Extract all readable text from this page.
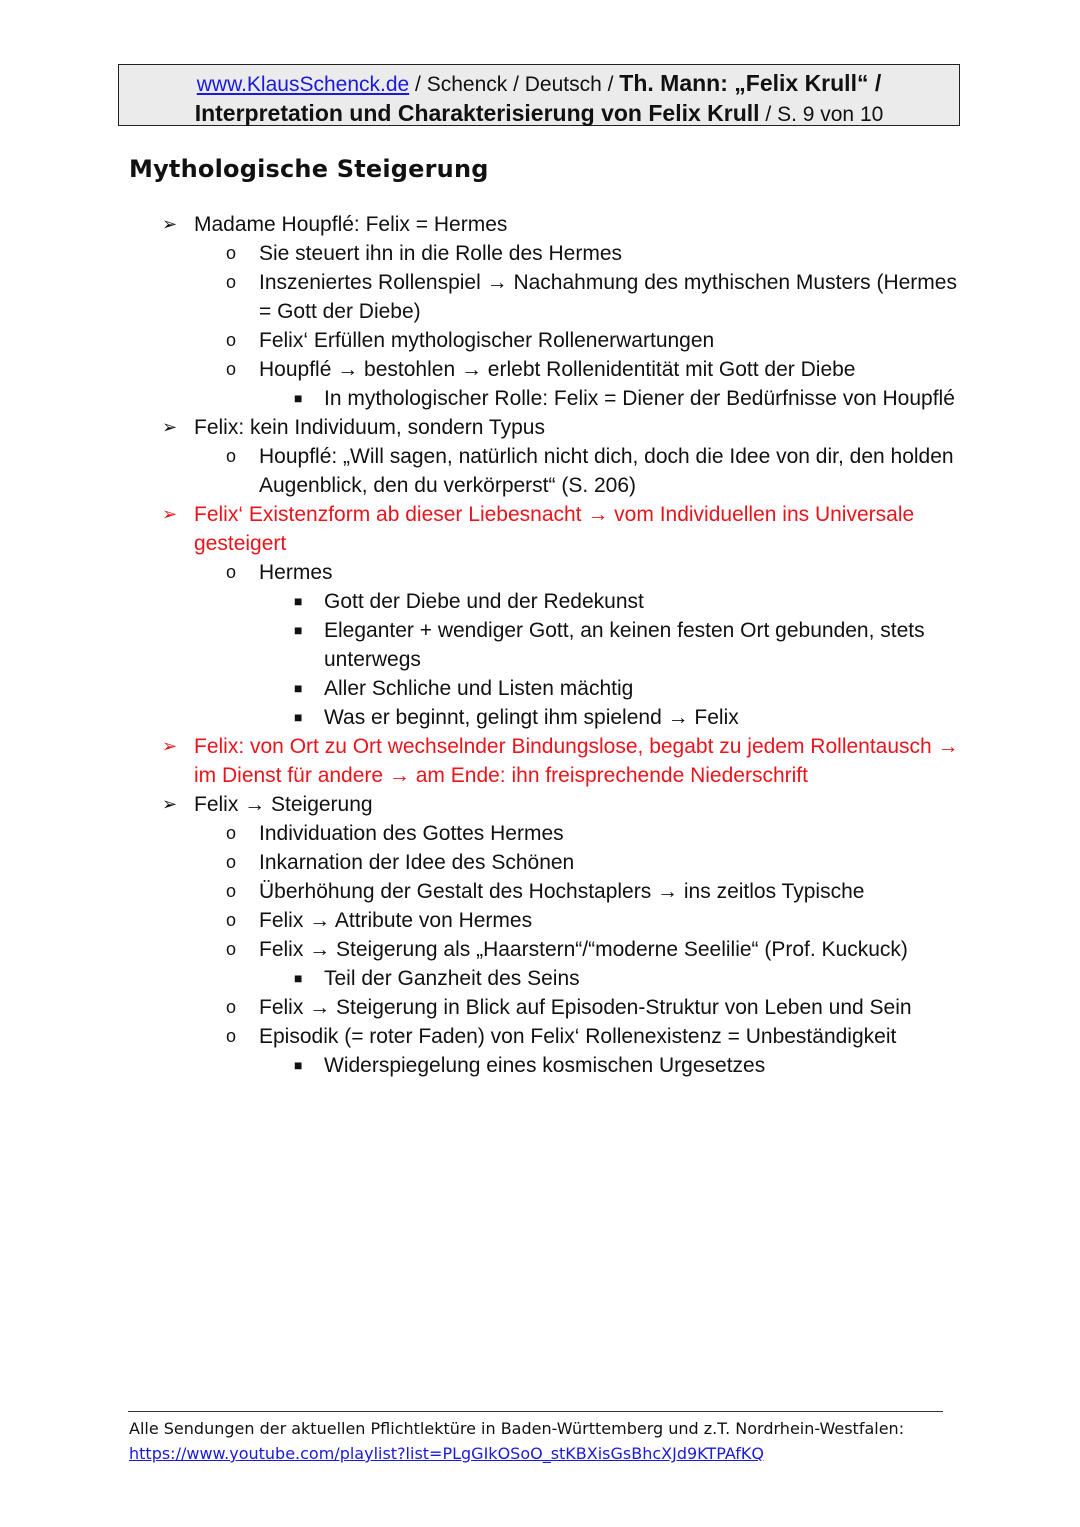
www.KlausSchenck.de / Schenck / Deutsch / Th. Mann: „Felix Krull“ /
Interpretation und Charakterisierung von Felix Krull / S. 9 von 10
Mythologische Steigerung
➢ Madame Houpflé: Felix = Hermes
o Sie steuert ihn in die Rolle des Hermes
o Inszeniertes Rollenspiel → Nachahmung des mythischen Musters (Hermes = Gott der Diebe)
o Felix‘ Erfüllen mythologischer Rollenerwartungen
o Houpflé → bestohlen → erlebt Rollenidentität mit Gott der Diebe
■ In mythologischer Rolle: Felix = Diener der Bedürfnisse von Houpflé
➢ Felix: kein Individuum, sondern Typus
o Houpflé: „Will sagen, natürlich nicht dich, doch die Idee von dir, den holden Augenblick, den du verkörperst“ (S. 206)
➢ Felix‘ Existenzform ab dieser Liebesnacht → vom Individuellen ins Universale gesteigert
o Hermes
■ Gott der Diebe und der Redekunst
■ Eleganter + wendiger Gott, an keinen festen Ort gebunden, stets unterwegs
■ Aller Schliche und Listen mächtig
■ Was er beginnt, gelingt ihm spielend → Felix
➢ Felix: von Ort zu Ort wechselnder Bindungslose, begabt zu jedem Rollentausch → im Dienst für andere → am Ende: ihn freisprechende Niederschrift
➢ Felix → Steigerung
o Individuation des Gottes Hermes
o Inkarnation der Idee des Schönen
o Überhöhung der Gestalt des Hochstaplers → ins zeitlos Typische
o Felix → Attribute von Hermes
o Felix → Steigerung als „Haarstern“/“moderne Seelilie“ (Prof. Kuckuck)
■ Teil der Ganzheit des Seins
o Felix → Steigerung in Blick auf Episoden-Struktur von Leben und Sein
o Episodik (= roter Faden) von Felix‘ Rollenexistenz = Unbeständigkeit
■ Widerspiegelung eines kosmischen Urgesetzes
Alle Sendungen der aktuellen Pflichtlektüre in Baden-Württemberg und z.T. Nordrhein-Westfalen:
https://www.youtube.com/playlist?list=PLgGIkOSoO_stKBXisGsBhcXJd9KTPAfKQ
